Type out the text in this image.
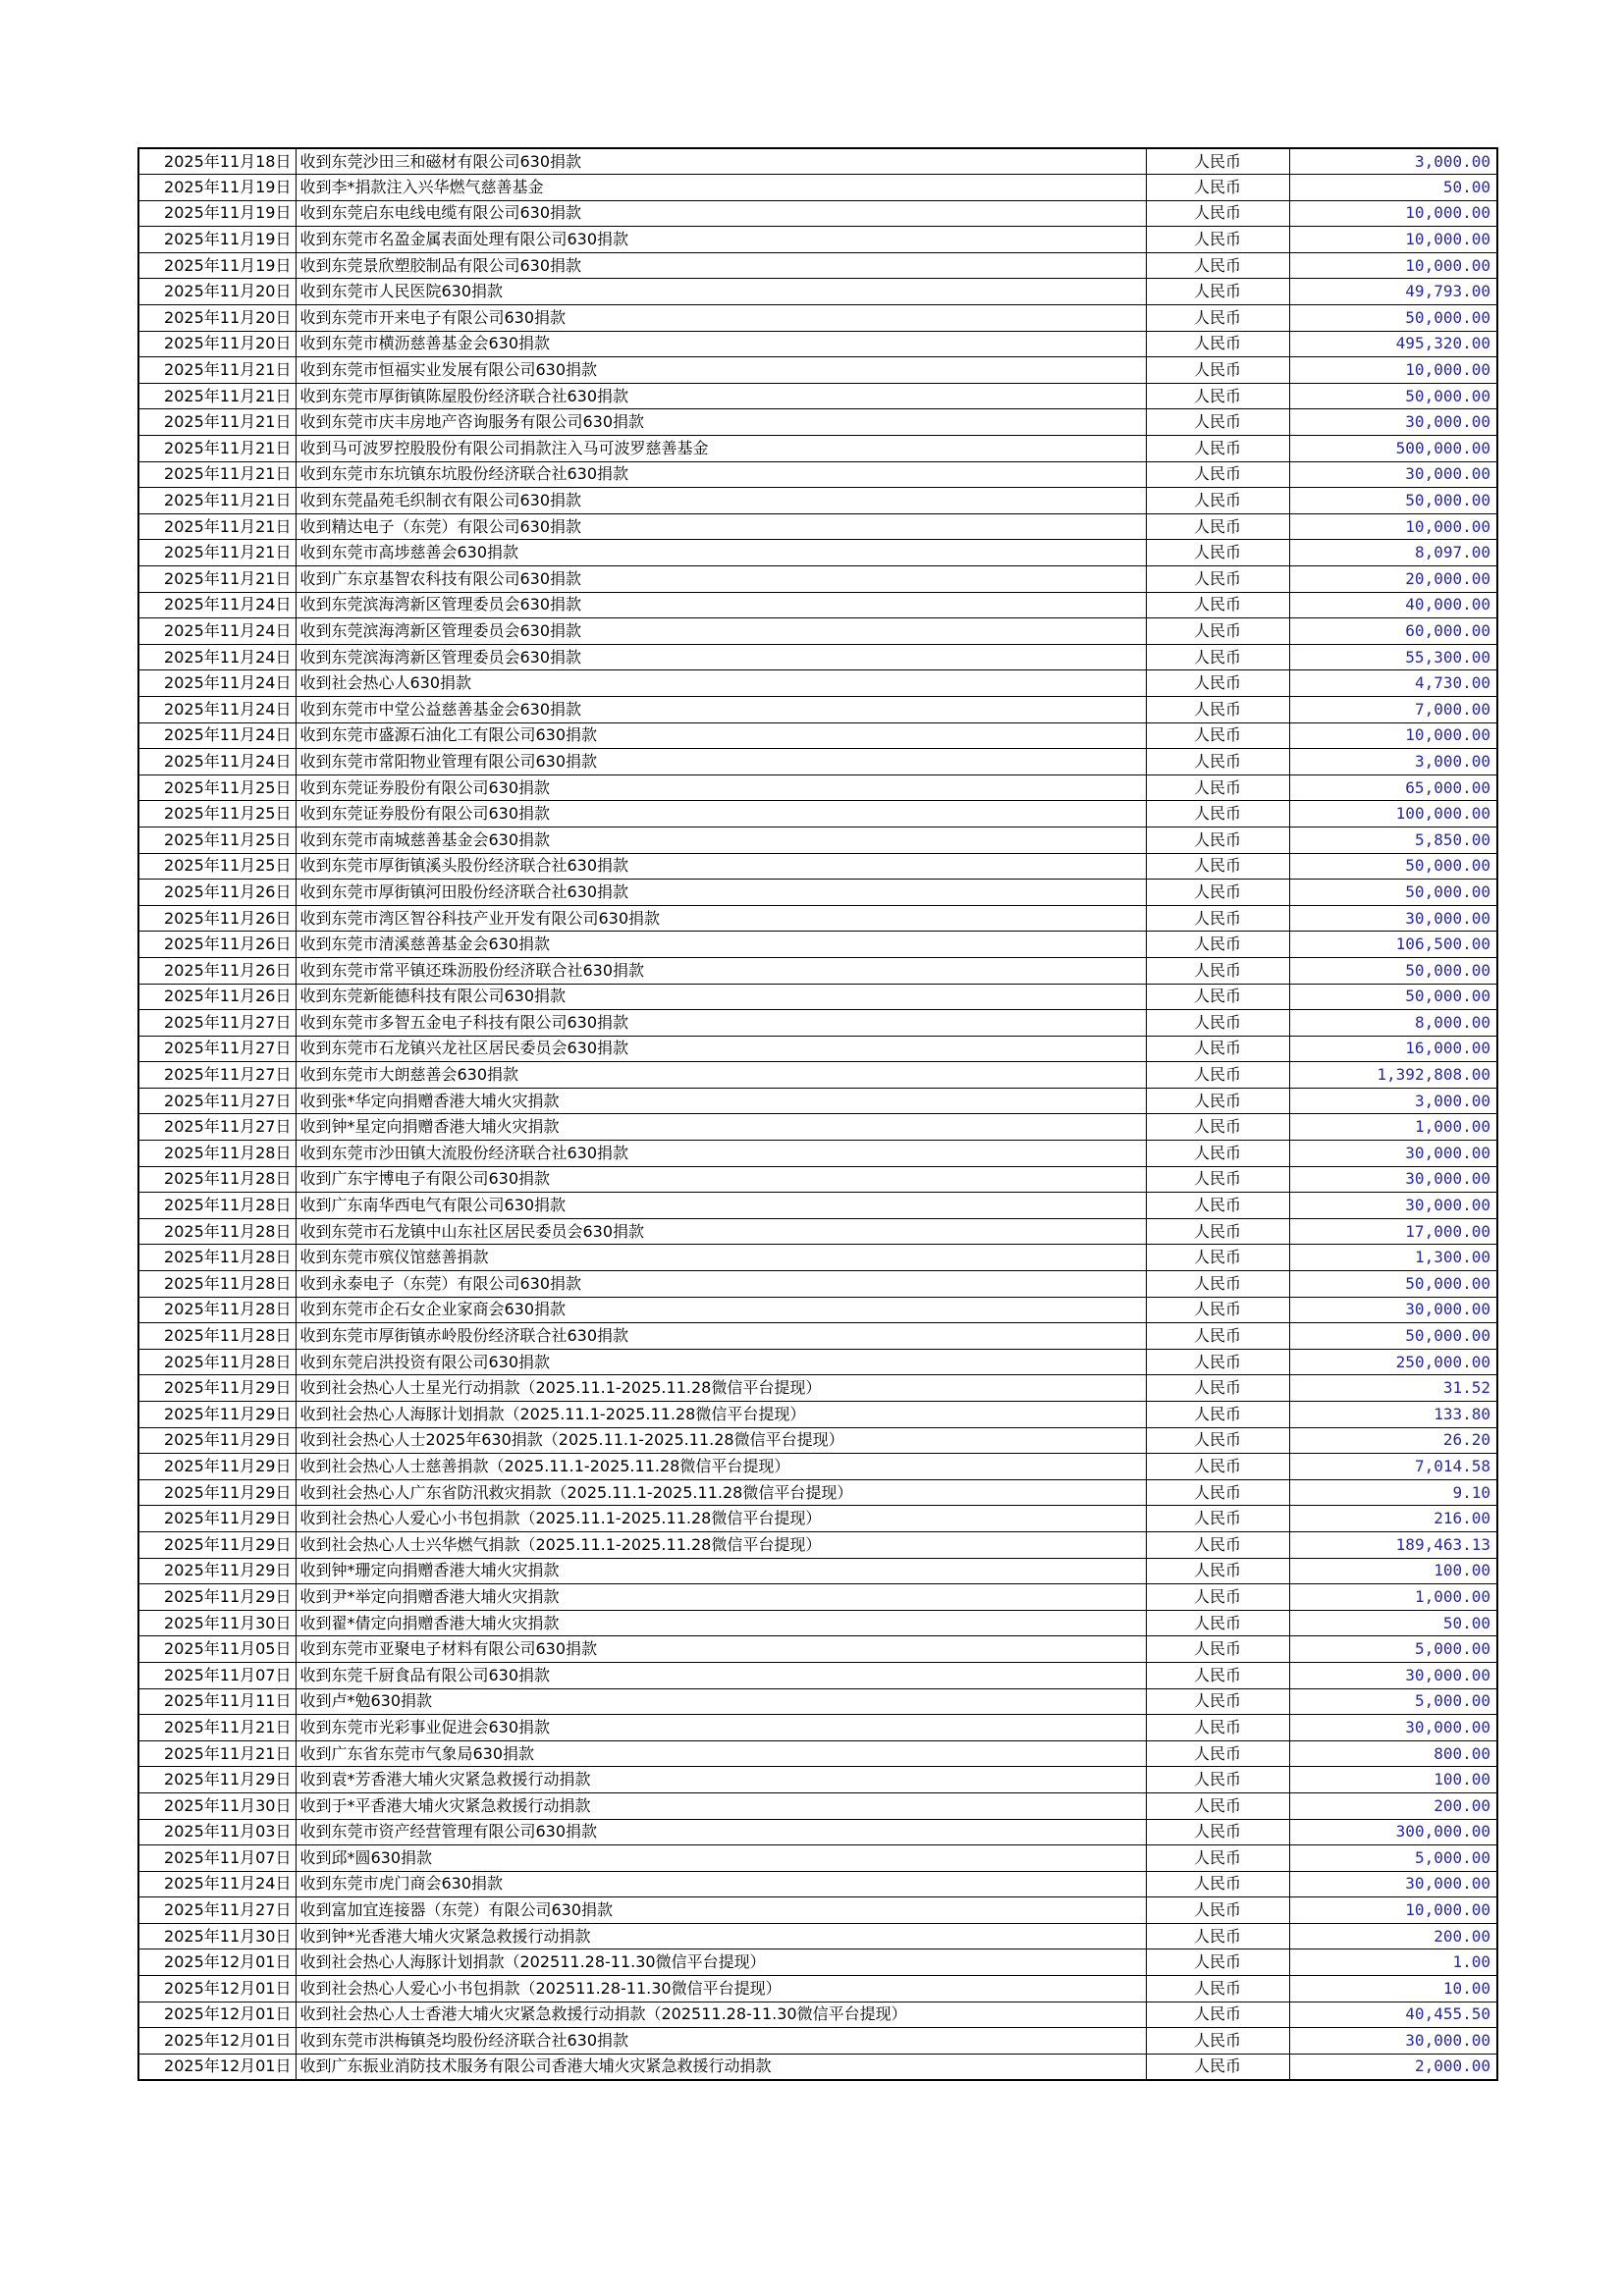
2025年11月18日	收到东莞沙田三和磁材有限公司630捐款	人民币	3,000.00
2025年11月19日	收到李*捐款注入兴华燃气慈善基金	人民币	50.00
2025年11月19日	收到东莞启东电线电缆有限公司630捐款	人民币	10,000.00
2025年11月19日	收到东莞市名盈金属表面处理有限公司630捐款	人民币	10,000.00
2025年11月19日	收到东莞景欣塑胶制品有限公司630捐款	人民币	10,000.00
2025年11月20日	收到东莞市人民医院630捐款	人民币	49,793.00
2025年11月20日	收到东莞市开来电子有限公司630捐款	人民币	50,000.00
2025年11月20日	收到东莞市横沥慈善基金会630捐款	人民币	495,320.00
2025年11月21日	收到东莞市恒福实业发展有限公司630捐款	人民币	10,000.00
2025年11月21日	收到东莞市厚街镇陈屋股份经济联合社630捐款	人民币	50,000.00
2025年11月21日	收到东莞市庆丰房地产咨询服务有限公司630捐款	人民币	30,000.00
2025年11月21日	收到马可波罗控股股份有限公司捐款注入马可波罗慈善基金	人民币	500,000.00
2025年11月21日	收到东莞市东坑镇东坑股份经济联合社630捐款	人民币	30,000.00
2025年11月21日	收到东莞晶苑毛织制衣有限公司630捐款	人民币	50,000.00
2025年11月21日	收到精达电子（东莞）有限公司630捐款	人民币	10,000.00
2025年11月21日	收到东莞市高埗慈善会630捐款	人民币	8,097.00
2025年11月21日	收到广东京基智农科技有限公司630捐款	人民币	20,000.00
2025年11月24日	收到东莞滨海湾新区管理委员会630捐款	人民币	40,000.00
2025年11月24日	收到东莞滨海湾新区管理委员会630捐款	人民币	60,000.00
2025年11月24日	收到东莞滨海湾新区管理委员会630捐款	人民币	55,300.00
2025年11月24日	收到社会热心人630捐款	人民币	4,730.00
2025年11月24日	收到东莞市中堂公益慈善基金会630捐款	人民币	7,000.00
2025年11月24日	收到东莞市盛源石油化工有限公司630捐款	人民币	10,000.00
2025年11月24日	收到东莞市常阳物业管理有限公司630捐款	人民币	3,000.00
2025年11月25日	收到东莞证券股份有限公司630捐款	人民币	65,000.00
2025年11月25日	收到东莞证券股份有限公司630捐款	人民币	100,000.00
2025年11月25日	收到东莞市南城慈善基金会630捐款	人民币	5,850.00
2025年11月25日	收到东莞市厚街镇溪头股份经济联合社630捐款	人民币	50,000.00
2025年11月26日	收到东莞市厚街镇河田股份经济联合社630捐款	人民币	50,000.00
2025年11月26日	收到东莞市湾区智谷科技产业开发有限公司630捐款	人民币	30,000.00
2025年11月26日	收到东莞市清溪慈善基金会630捐款	人民币	106,500.00
2025年11月26日	收到东莞市常平镇还珠沥股份经济联合社630捐款	人民币	50,000.00
2025年11月26日	收到东莞新能德科技有限公司630捐款	人民币	50,000.00
2025年11月27日	收到东莞市多智五金电子科技有限公司630捐款	人民币	8,000.00
2025年11月27日	收到东莞市石龙镇兴龙社区居民委员会630捐款	人民币	16,000.00
2025年11月27日	收到东莞市大朗慈善会630捐款	人民币	1,392,808.00
2025年11月27日	收到张*华定向捐赠香港大埔火灾捐款	人民币	3,000.00
2025年11月27日	收到钟*星定向捐赠香港大埔火灾捐款	人民币	1,000.00
2025年11月28日	收到东莞市沙田镇大流股份经济联合社630捐款	人民币	30,000.00
2025年11月28日	收到广东宇博电子有限公司630捐款	人民币	30,000.00
2025年11月28日	收到广东南华西电气有限公司630捐款	人民币	30,000.00
2025年11月28日	收到东莞市石龙镇中山东社区居民委员会630捐款	人民币	17,000.00
2025年11月28日	收到东莞市殡仪馆慈善捐款	人民币	1,300.00
2025年11月28日	收到永泰电子（东莞）有限公司630捐款	人民币	50,000.00
2025年11月28日	收到东莞市企石女企业家商会630捐款	人民币	30,000.00
2025年11月28日	收到东莞市厚街镇赤岭股份经济联合社630捐款	人民币	50,000.00
2025年11月28日	收到东莞启洪投资有限公司630捐款	人民币	250,000.00
2025年11月29日	收到社会热心人士星光行动捐款（2025.11.1-2025.11.28微信平台提现）	人民币	31.52
2025年11月29日	收到社会热心人海豚计划捐款（2025.11.1-2025.11.28微信平台提现）	人民币	133.80
2025年11月29日	收到社会热心人士2025年630捐款（2025.11.1-2025.11.28微信平台提现）	人民币	26.20
2025年11月29日	收到社会热心人士慈善捐款（2025.11.1-2025.11.28微信平台提现）	人民币	7,014.58
2025年11月29日	收到社会热心人广东省防汛救灾捐款（2025.11.1-2025.11.28微信平台提现）	人民币	9.10
2025年11月29日	收到社会热心人爱心小书包捐款（2025.11.1-2025.11.28微信平台提现）	人民币	216.00
2025年11月29日	收到社会热心人士兴华燃气捐款（2025.11.1-2025.11.28微信平台提现）	人民币	189,463.13
2025年11月29日	收到钟*珊定向捐赠香港大埔火灾捐款	人民币	100.00
2025年11月29日	收到尹*举定向捐赠香港大埔火灾捐款	人民币	1,000.00
2025年11月30日	收到翟*倩定向捐赠香港大埔火灾捐款	人民币	50.00
2025年11月05日	收到东莞市亚聚电子材料有限公司630捐款	人民币	5,000.00
2025年11月07日	收到东莞千厨食品有限公司630捐款	人民币	30,000.00
2025年11月11日	收到卢*勉630捐款	人民币	5,000.00
2025年11月21日	收到东莞市光彩事业促进会630捐款	人民币	30,000.00
2025年11月21日	收到广东省东莞市气象局630捐款	人民币	800.00
2025年11月29日	收到袁*芳香港大埔火灾紧急救援行动捐款	人民币	100.00
2025年11月30日	收到于*平香港大埔火灾紧急救援行动捐款	人民币	200.00
2025年11月03日	收到东莞市资产经营管理有限公司630捐款	人民币	300,000.00
2025年11月07日	收到邱*圆630捐款	人民币	5,000.00
2025年11月24日	收到东莞市虎门商会630捐款	人民币	30,000.00
2025年11月27日	收到富加宜连接器（东莞）有限公司630捐款	人民币	10,000.00
2025年11月30日	收到钟*光香港大埔火灾紧急救援行动捐款	人民币	200.00
2025年12月01日	收到社会热心人海豚计划捐款（202511.28-11.30微信平台提现）	人民币	1.00
2025年12月01日	收到社会热心人爱心小书包捐款（202511.28-11.30微信平台提现）	人民币	10.00
2025年12月01日	收到社会热心人士香港大埔火灾紧急救援行动捐款（202511.28-11.30微信平台提现）	人民币	40,455.50
2025年12月01日	收到东莞市洪梅镇尧均股份经济联合社630捐款	人民币	30,000.00
2025年12月01日	收到广东振业消防技术服务有限公司香港大埔火灾紧急救援行动捐款	人民币	2,000.00
